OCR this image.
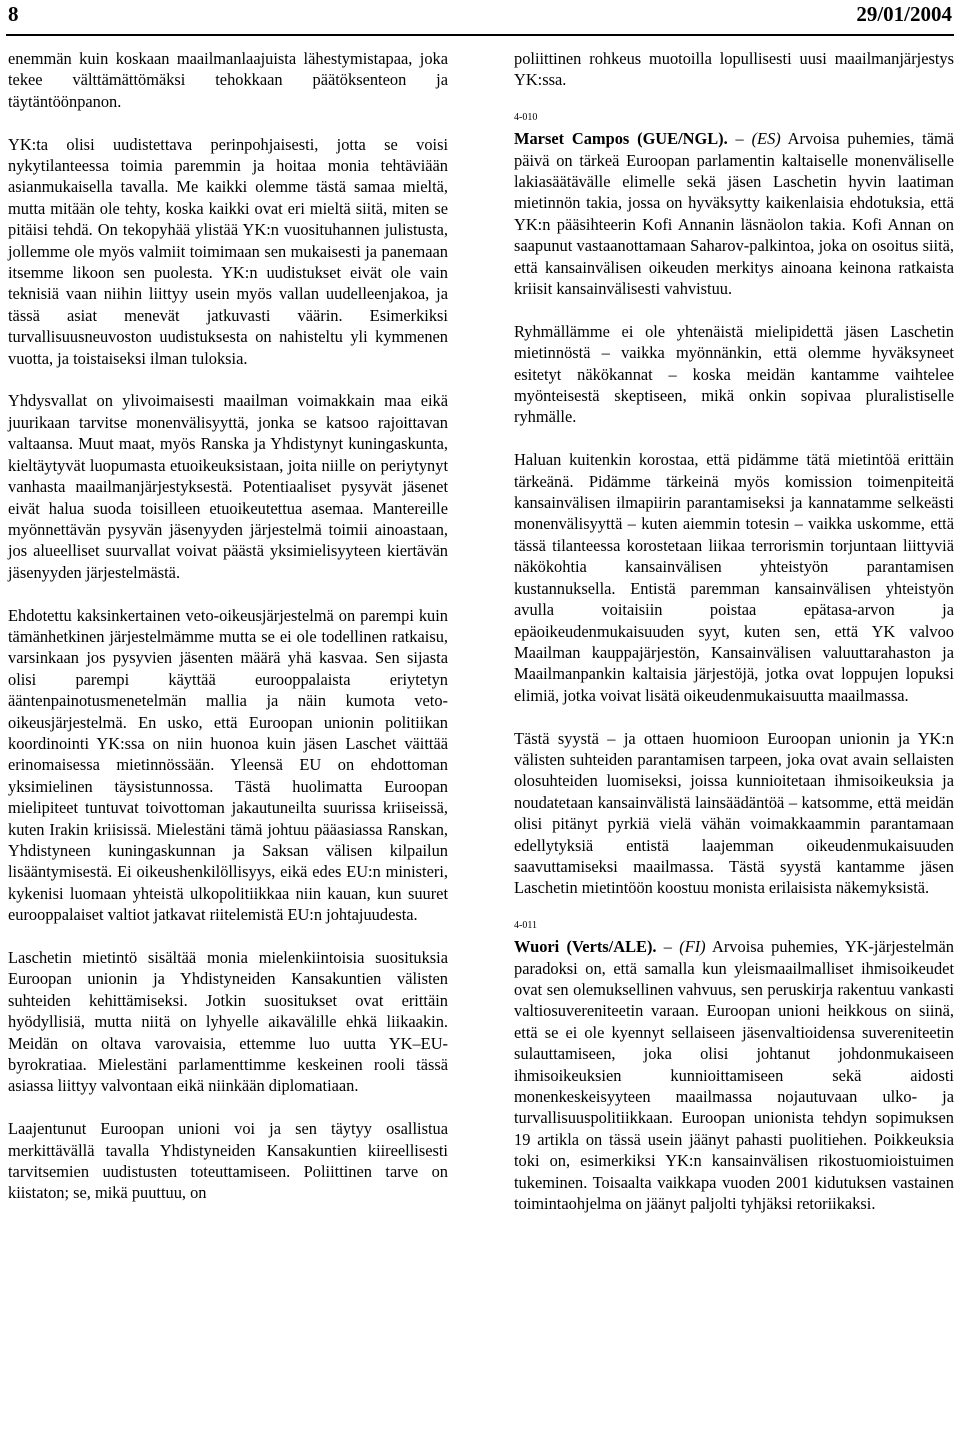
8	29/01/2004

enemmän kuin koskaan maailmanlaajuista lähestymistapaa, joka tekee välttämättömäksi tehokkaan päätöksenteon ja täytäntöönpanon.

YK:ta olisi uudistettava perinpohjaisesti, jotta se voisi nykytilanteessa toimia paremmin ja hoitaa monia tehtäviään asianmukaisella tavalla. Me kaikki olemme tästä samaa mieltä, mutta mitään ole tehty, koska kaikki ovat eri mieltä siitä, miten se pitäisi tehdä. On tekopyhää ylistää YK:n vuosituhannen julistusta, jollemme ole myös valmiit toimimaan sen mukaisesti ja panemaan itsemme likoon sen puolesta. YK:n uudistukset eivät ole vain teknisiä vaan niihin liittyy usein myös vallan uudelleenjakoa, ja tässä asiat menevät jatkuvasti väärin. Esimerkiksi turvallisuusneuvoston uudistuksesta on nahisteltu yli kymmenen vuotta, ja toistaiseksi ilman tuloksia.

Yhdysvallat on ylivoimaisesti maailman voimakkain maa eikä juurikaan tarvitse monenvälisyyttä, jonka se katsoo rajoittavan valtaansa. Muut maat, myös Ranska ja Yhdistynyt kuningaskunta, kieltäytyvät luopumasta etuoikeuksistaan, joita niille on periytynyt vanhasta maailmanjärjestyksestä. Potentiaaliset pysyvät jäsenet eivät halua suoda toisilleen etuoikeutettua asemaa. Mantereille myönnettävän pysyvän jäsenyyden järjestelmä toimii ainoastaan, jos alueelliset suurvallat voivat päästä yksimielisyyteen kiertävän jäsenyyden järjestelmästä.

Ehdotettu kaksinkertainen veto-oikeusjärjestelmä on parempi kuin tämänhetkinen järjestelmämme mutta se ei ole todellinen ratkaisu, varsinkaan jos pysyvien jäsenten määrä yhä kasvaa. Sen sijasta olisi parempi käyttää eurooppalaista eriytetyn ääntenpainotusmenetelmän mallia ja näin kumota veto-oikeusjärjestelmä. En usko, että Euroopan unionin politiikan koordinointi YK:ssa on niin huonoa kuin jäsen Laschet väittää erinomaisessa mietinnössään. Yleensä EU on ehdottoman yksimielinen täysistunnossa. Tästä huolimatta Euroopan mielipiteet tuntuvat toivottoman jakautuneilta suurissa kriiseissä, kuten Irakin kriisissä. Mielestäni tämä johtuu pääasiassa Ranskan, Yhdistyneen kuningaskunnan ja Saksan välisen kilpailun lisääntymisestä. Ei oikeushenkilöllisyys, eikä edes EU:n ministeri, kykenisi luomaan yhteistä ulkopolitiikkaa niin kauan, kun suuret eurooppalaiset valtiot jatkavat riitelemistä EU:n johtajuudesta.

Laschetin mietintö sisältää monia mielenkiintoisia suosituksia Euroopan unionin ja Yhdistyneiden Kansakuntien välisten suhteiden kehittämiseksi. Jotkin suositukset ovat erittäin hyödyllisiä, mutta niitä on lyhyelle aikavälille ehkä liikaakin. Meidän on oltava varovaisia, ettemme luo uutta YK–EU-byrokratiaa. Mielestäni parlamenttimme keskeinen rooli tässä asiassa liittyy valvontaan eikä niinkään diplomatiaan.

Laajentunut Euroopan unioni voi ja sen täytyy osallistua merkittävällä tavalla Yhdistyneiden Kansakuntien kiireellisesti tarvitsemien uudistusten toteuttamiseen. Poliittinen tarve on kiistaton; se, mikä puuttuu, on

poliittinen rohkeus muotoilla lopullisesti uusi maailmanjärjestys YK:ssa.

4-010

Marset Campos (GUE/NGL). – (ES) Arvoisa puhemies, tämä päivä on tärkeä Euroopan parlamentin kaltaiselle monenväliselle lakiasäätävälle elimelle sekä jäsen Laschetin hyvin laatiman mietinnön takia, jossa on hyväksytty kaikenlaisia ehdotuksia, että YK:n pääsihteerin Kofi Annanin läsnäolon takia. Kofi Annan on saapunut vastaanottamaan Saharov-palkintoa, joka on osoitus siitä, että kansainvälisen oikeuden merkitys ainoana keinona ratkaista kriisit kansainvälisesti vahvistuu.

Ryhmällämme ei ole yhtenäistä mielipidettä jäsen Laschetin mietinnöstä – vaikka myönnänkin, että olemme hyväksyneet esitetyt näkökannat – koska meidän kantamme vaihtelee myönteisestä skeptiseen, mikä onkin sopivaa pluralistiselle ryhmälle.

Haluan kuitenkin korostaa, että pidämme tätä mietintöä erittäin tärkeänä. Pidämme tärkeinä myös komission toimenpiteitä kansainvälisen ilmapiirin parantamiseksi ja kannatamme selkeästi monenvälisyyttä – kuten aiemmin totesin – vaikka uskomme, että tässä tilanteessa korostetaan liikaa terrorismin torjuntaan liittyviä näkökohtia kansainvälisen yhteistyön parantamisen kustannuksella. Entistä paremman kansainvälisen yhteistyön avulla voitaisiin poistaa epätasa-arvon ja epäoikeudenmukaisuuden syyt, kuten sen, että YK valvoo Maailman kauppajärjestön, Kansainvälisen valuuttarahaston ja Maailmanpankin kaltaisia järjestöjä, jotka ovat loppujen lopuksi elimiä, jotka voivat lisätä oikeudenmukaisuutta maailmassa.

Tästä syystä – ja ottaen huomioon Euroopan unionin ja YK:n välisten suhteiden parantamisen tarpeen, joka ovat avain sellaisten olosuhteiden luomiseksi, joissa kunnioitetaan ihmisoikeuksia ja noudatetaan kansainvälistä lainsäädäntöä – katsomme, että meidän olisi pitänyt pyrkiä vielä vähän voimakkaammin parantamaan edellytyksiä entistä laajemman oikeudenmukaisuuden saavuttamiseksi maailmassa. Tästä syystä kantamme jäsen Laschetin mietintöön koostuu monista erilaisista näkemyksistä.

4-011

Wuori (Verts/ALE). – (FI) Arvoisa puhemies, YK-järjestelmän paradoksi on, että samalla kun yleismaailmalliset ihmisoikeudet ovat sen olemuksellinen vahvuus, sen peruskirja rakentuu vankasti valtiosuvereniteetin varaan. Euroopan unioni heikkous on siinä, että se ei ole kyennyt sellaiseen jäsenvaltioidensa suvereniteetin sulauttamiseen, joka olisi johtanut johdonmukaiseen ihmisoikeuksien kunnioittamiseen sekä aidosti monenkeskeisyyteen maailmassa nojautuvaan ulko- ja turvallisuuspolitiikkaan. Euroopan unionista tehdyn sopimuksen 19 artikla on tässä usein jäänyt pahasti puolitiehen. Poikkeuksia toki on, esimerkiksi YK:n kansainvälisen rikostuomioistuimen tukeminen. Toisaalta vaikkapa vuoden 2001 kidutuksen vastainen toimintaohjelma on jäänyt paljolti tyhjäksi retoriikaksi.
